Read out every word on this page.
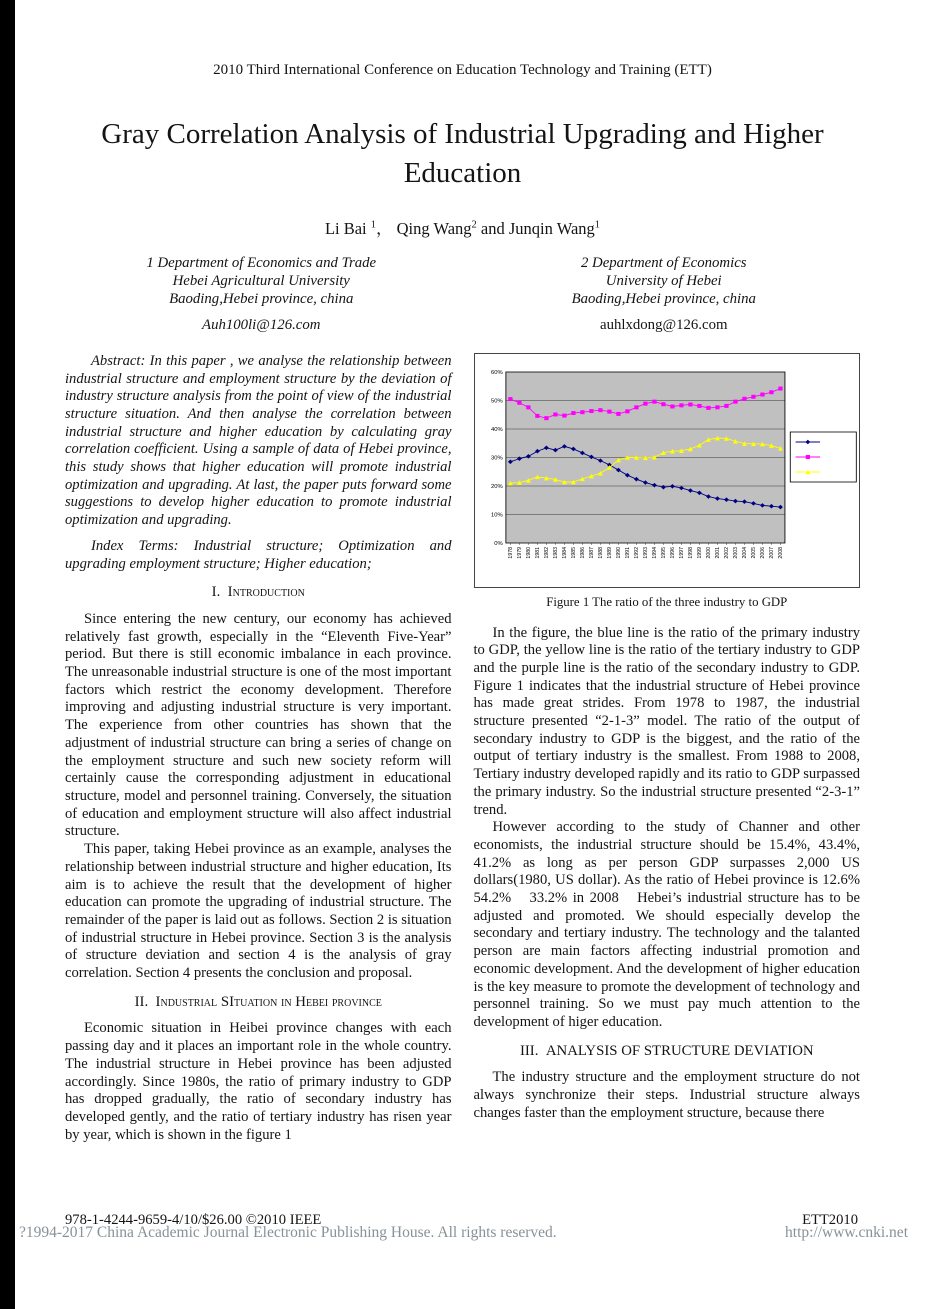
2010 Third International Conference on Education Technology and Training (ETT)
Gray Correlation Analysis of Industrial Upgrading and Higher Education
Li Bai $^1$， Qing Wang$^2$ and Junqin Wang$^1$
1 Department of Economics and Trade
Hebei Agricultural University
Baoding,Hebei province, china
Auh100li@126.com
2 Department of Economics
University of Hebei
Baoding,Hebei province, china
auhlxdong@126.com

Abstract: In this paper , we analyse the relationship between industrial structure and employment structure by the deviation of industry structure analysis from the point of view of the industrial structure situation. And then analyse the correlation between industrial structure and higher education by calculating gray correlation coefficient. Using a sample of data of Hebei province, this study shows that higher education will promote industrial optimization and upgrading. At last, the paper puts forward some suggestions to develop higher education to promote industrial optimization and upgrading.

Index Terms: Industrial structure; Optimization and upgrading employment structure; Higher education;

I.  Introduction

Since entering the new century, our economy has achieved relatively fast growth, especially in the “Eleventh Five-Year” period. But there is still economic imbalance in each province. The unreasonable industrial structure is one of the most important factors which restrict the economy development. Therefore improving and adjusting industrial structure is very important. The experience from other countries has shown that the adjustment of industrial structure can bring a series of change on the employment structure and such new society reform will certainly cause the corresponding adjustment in educational structure, model and personnel training. Conversely, the situation of education and employment structure will also affect industrial structure.

This paper, taking Hebei province as an example, analyses the relationship between industrial structure and higher education, Its aim is to achieve the result that the development of higher education can promote the upgrading of industrial structure. The remainder of the paper is laid out as follows. Section 2 is situation of industrial structure in Hebei province. Section 3 is the analysis of structure deviation and section 4 is the analysis of gray correlation. Section 4 presents the conclusion and proposal.

II.  Industrial SItuation in Hebei province

Economic situation in Heibei province changes with each passing day and it places an important role in the whole country. The industrial structure in Hebei province has been adjusted accordingly. Since 1980s, the ratio of primary industry to GDP has dropped gradually, the ratio of secondary industry has developed gently, and the ratio of tertiary industry has risen year by year, which is shown in the figure 1

0%
10%
20%
30%
40%
50%
60%
1978 1979 1980 1981 1982 1983 1984 1985 1986 1987 1988 1989 1990 1991 1992 1993 1994 1995 1996 1997 1998 1999 2000 2001 2002 2003 2004 2005 2006 2007 2008
Figure 1 The ratio of the three industry to GDP

In the figure, the blue line is the ratio of the primary industry to GDP, the yellow line is the ratio of the tertiary industry to GDP and the purple line is the ratio of the secondary industry to GDP. Figure 1 indicates that the industrial structure of Hebei province has made great strides. From 1978 to 1987, the industrial structure presented “2-1-3” model. The ratio of the output of secondary industry to GDP is the biggest, and the ratio of the output of tertiary industry is the smallest. From 1988 to 2008, Tertiary industry developed rapidly and its ratio to GDP surpassed the primary industry. So the industrial structure presented “2-3-1” trend.

However according to the study of Channer and other economists, the industrial structure should be 15.4%, 43.4%, 41.2% as long as per person GDP surpasses 2,000 US dollars(1980, US dollar). As the ratio of Hebei province is 12.6%　54.2%　33.2% in 2008　Hebei’s industrial structure has to be adjusted and promoted. We should especially develop the secondary and tertiary industry. The technology and the talanted person are main factors affecting industrial promotion and economic development. And the development of higher education is the key measure to promote the development of technology and personnel training. So we must pay much attention to the development of higer education.

III.  ANALYSIS OF STRUCTURE DEVIATION

The industry structure and the employment structure do not always synchronize their steps. Industrial structure always changes faster than the employment structure, because there

978-1-4244-9659-4/10/$26.00 ©2010 IEEE	ETT2010
?1994-2017 China Academic Journal Electronic Publishing House. All rights reserved.	http://www.cnki.net
